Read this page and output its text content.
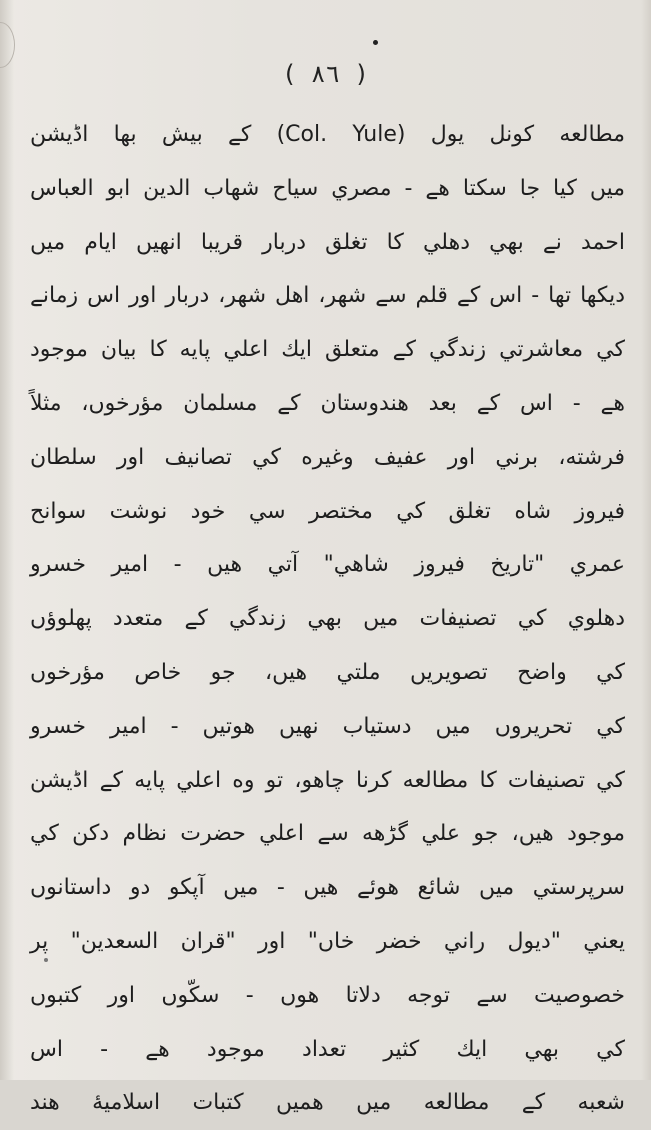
( ٨٦ )
مطالعه كونل يول (Col. Yule) كے بيش بها اڈيشن
ميں كيا جا سكتا هے - مصري سياح شهاب الدين ابو العباس
احمد نے بهي دهلي كا تغلق دربار قريبا انهيں ايام ميں
ديكها تها - اس كے قلم سے شهر، اهل شهر، دربار اور اس زمانے
كي معاشرتي زندگي كے متعلق ايك اعلي پايه كا بيان موجود
هے - اس كے بعد هندوستان كے مسلمان مؤرخوں، مثلاً
فرشته، برني اور عفيف وغيره كي تصانيف اور سلطان
فيروز شاه تغلق كي مختصر سي خود نوشت سوانح
عمري "تاريخ فيروز شاهي" آتي هيں - امير خسرو
دهلوي كي تصنيفات ميں بهي زندگي كے متعدد پهلوؤں
كي واضح تصويريں ملتي هيں، جو خاص مؤرخوں
كي تحريروں ميں دستياب نهيں هوتيں - امير خسرو
كي تصنيفات كا مطالعه كرنا چاهو، تو وه اعلي پايه كے اڈيشن
موجود هيں، جو علي گڑهه سے اعلي حضرت نظام دكن كي
سرپرستي ميں شائع هوئے هيں - ميں آپكو دو داستانوں
يعني "ديول راني خضر خاں" اور "قران السعدين" پر
خصوصيت سے توجه دلاتا هوں - سكّوں اور كتبوں
كي بهي ايك كثير تعداد موجود هے - اس
شعبه كے مطالعه ميں هميں كتبات اسلاميهٔ هند
